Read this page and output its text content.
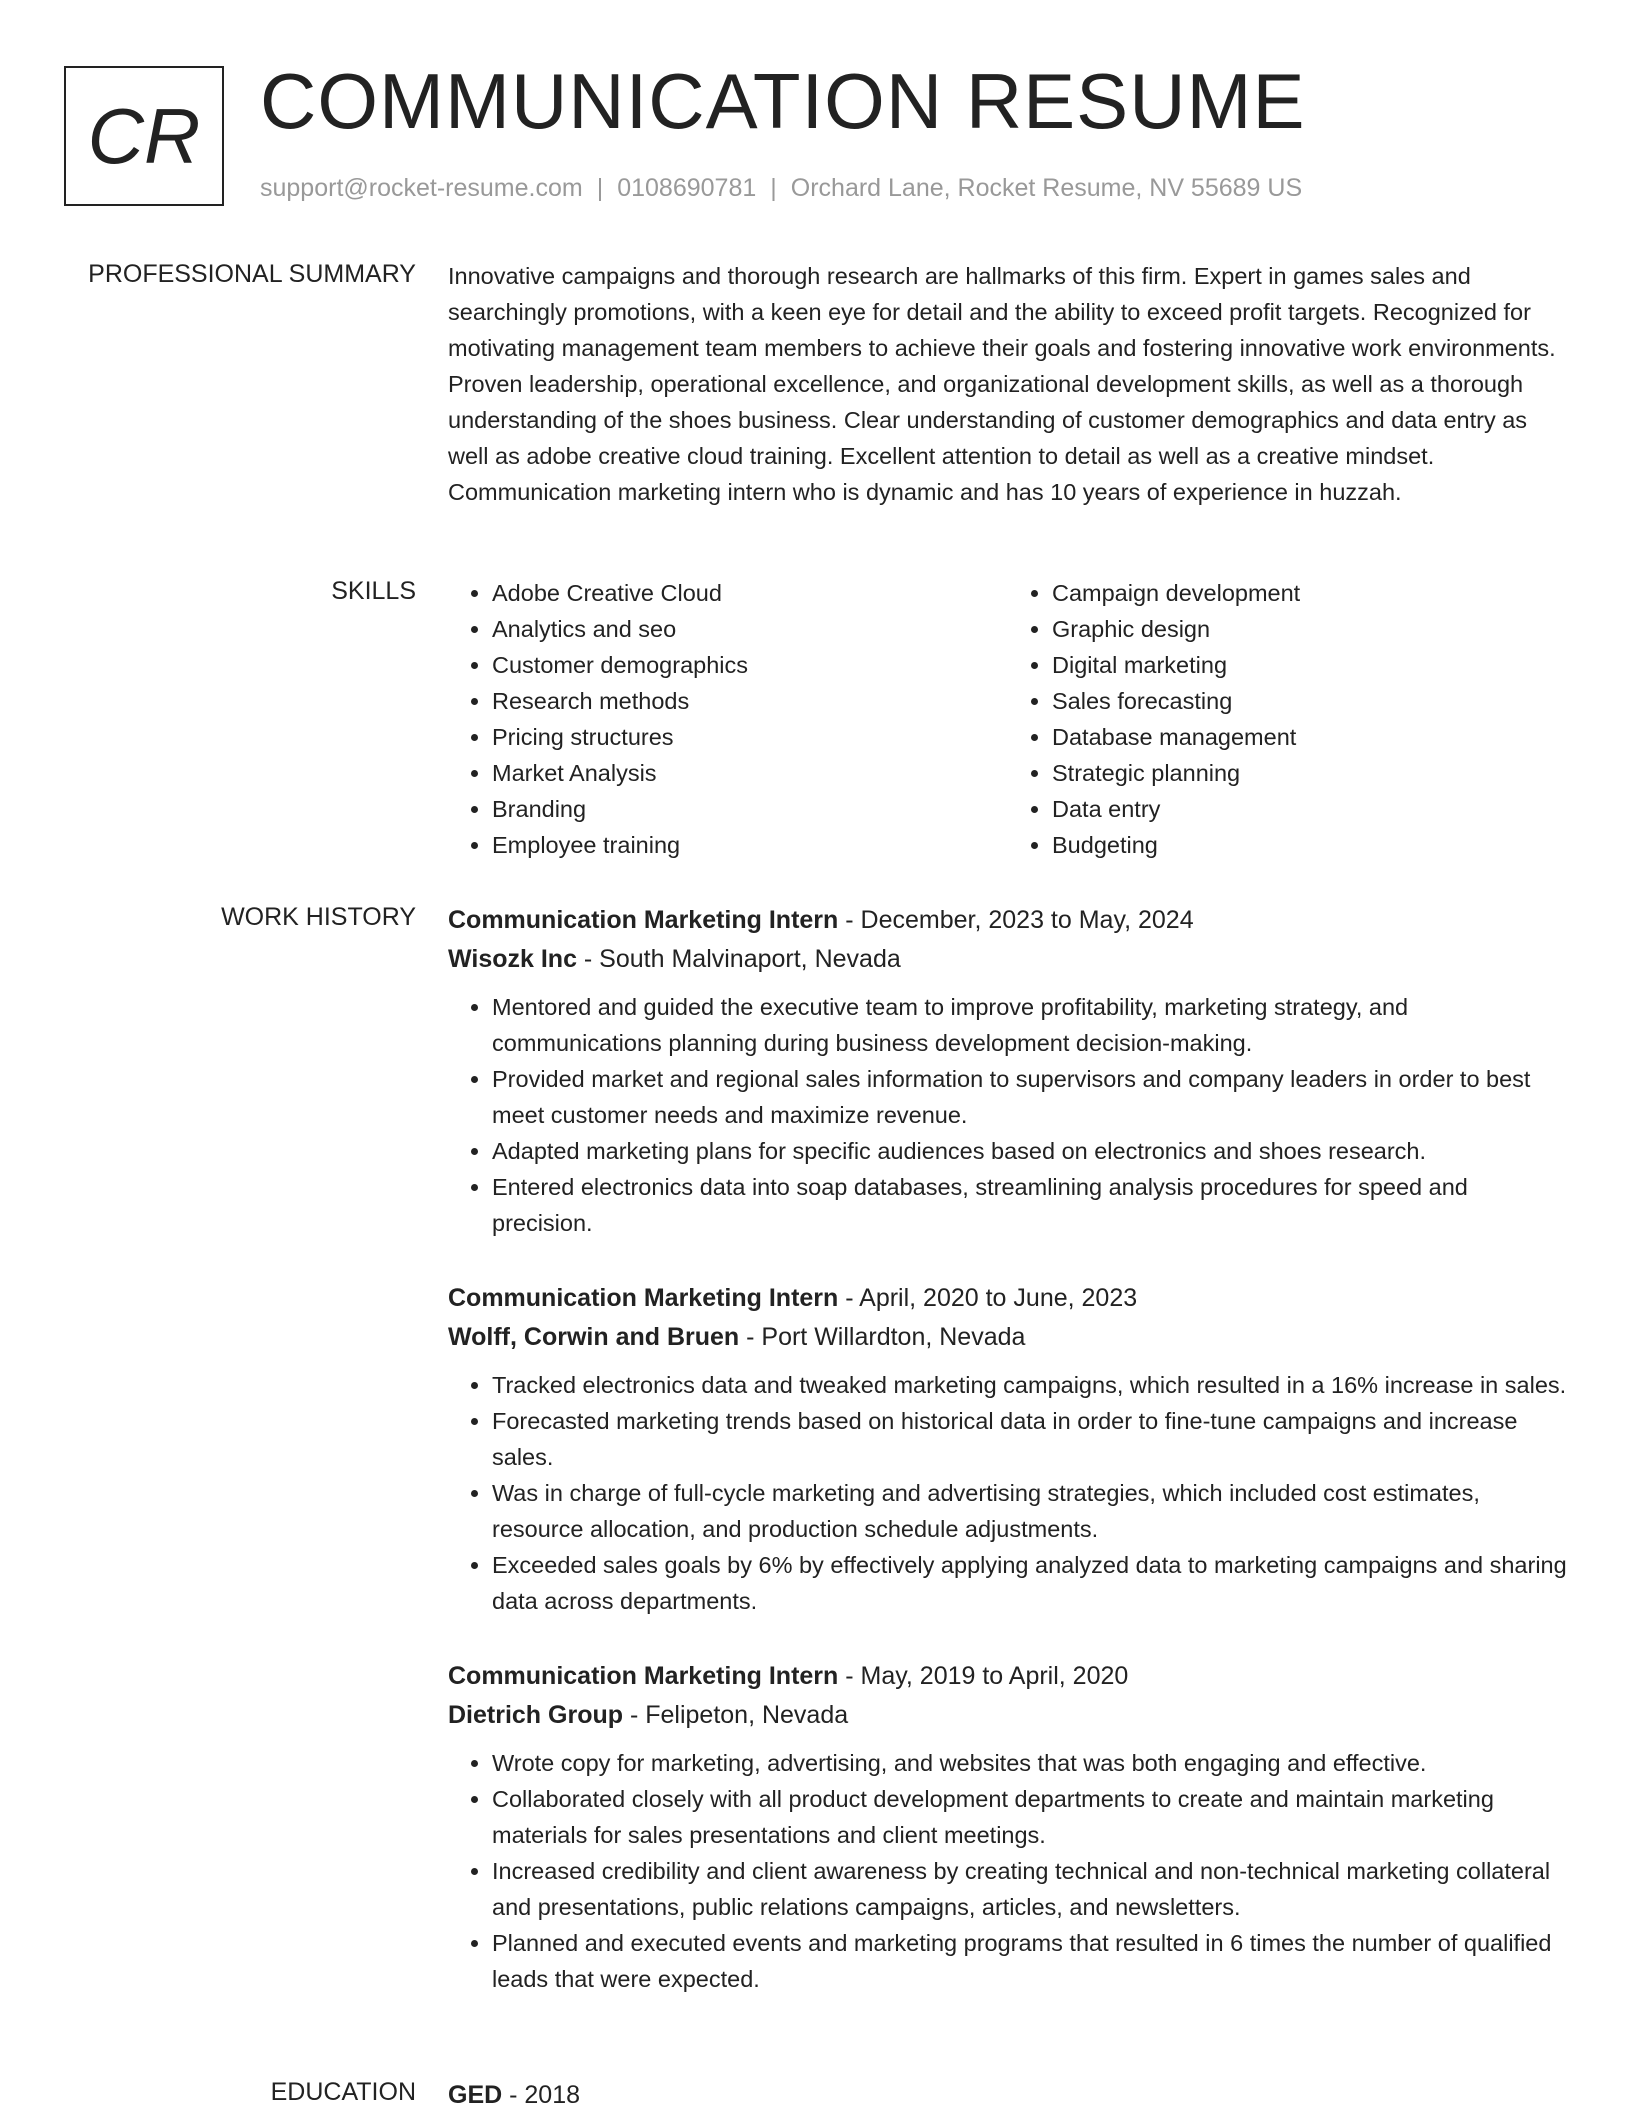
CR COMMUNICATION RESUME
support@rocket-resume.com | 0108690781 | Orchard Lane, Rocket Resume, NV 55689 US
PROFESSIONAL SUMMARY Innovative campaigns and thorough research are hallmarks of this firm. Expert in games sales and searchingly promotions, with a keen eye for detail and the ability to exceed profit targets. Recognized for motivating management team members to achieve their goals and fostering innovative work environments. Proven leadership, operational excellence, and organizational development skills, as well as a thorough understanding of the shoes business. Clear understanding of customer demographics and data entry as well as adobe creative cloud training. Excellent attention to detail as well as a creative mindset. Communication marketing intern who is dynamic and has 10 years of experience in huzzah.

SKILLS
•	Adobe Creative Cloud
• Analytics and seo
• Customer demographics
• Research methods
• Pricing structures
• Market Analysis
• Branding
• Employee training
• Campaign development
• Graphic design
• Digital marketing
• Sales forecasting
• Database management
• Strategic planning
• Data entry
• Budgeting
WORK HISTORY Communication Marketing Intern - December, 2023 to May, 2024
Wisozk Inc - South Malvinaport, Nevada
• Mentored and guided the executive team to improve profitability, marketing strategy, and communications planning during business development decision-making.
• Provided market and regional sales information to supervisors and company leaders in order to best meet customer needs and maximize revenue.
• Adapted marketing plans for specific audiences based on electronics and shoes research.
• Entered electronics data into soap databases, streamlining analysis procedures for speed and precision.
Communication Marketing Intern - April, 2020 to June, 2023
Wolff, Corwin and Bruen - Port Willardton, Nevada
• Tracked electronics data and tweaked marketing campaigns, which resulted in a 16% increase in sales.
• Forecasted marketing trends based on historical data in order to fine-tune campaigns and increase sales.
• Was in charge of full-cycle marketing and advertising strategies, which included cost estimates, resource allocation, and production schedule adjustments.
• Exceeded sales goals by 6% by effectively applying analyzed data to marketing campaigns and sharing data across departments.
Communication Marketing Intern - May, 2019 to April, 2020
Dietrich Group - Felipeton, Nevada
• Wrote copy for marketing, advertising, and websites that was both engaging and effective.
• Collaborated closely with all product development departments to create and maintain marketing materials for sales presentations and client meetings.
• Increased credibility and client awareness by creating technical and non-technical marketing collateral and presentations, public relations campaigns, articles, and newsletters.
• Planned and executed events and marketing programs that resulted in 6 times the number of qualified leads that were expected.
EDUCATION GED - 2018
